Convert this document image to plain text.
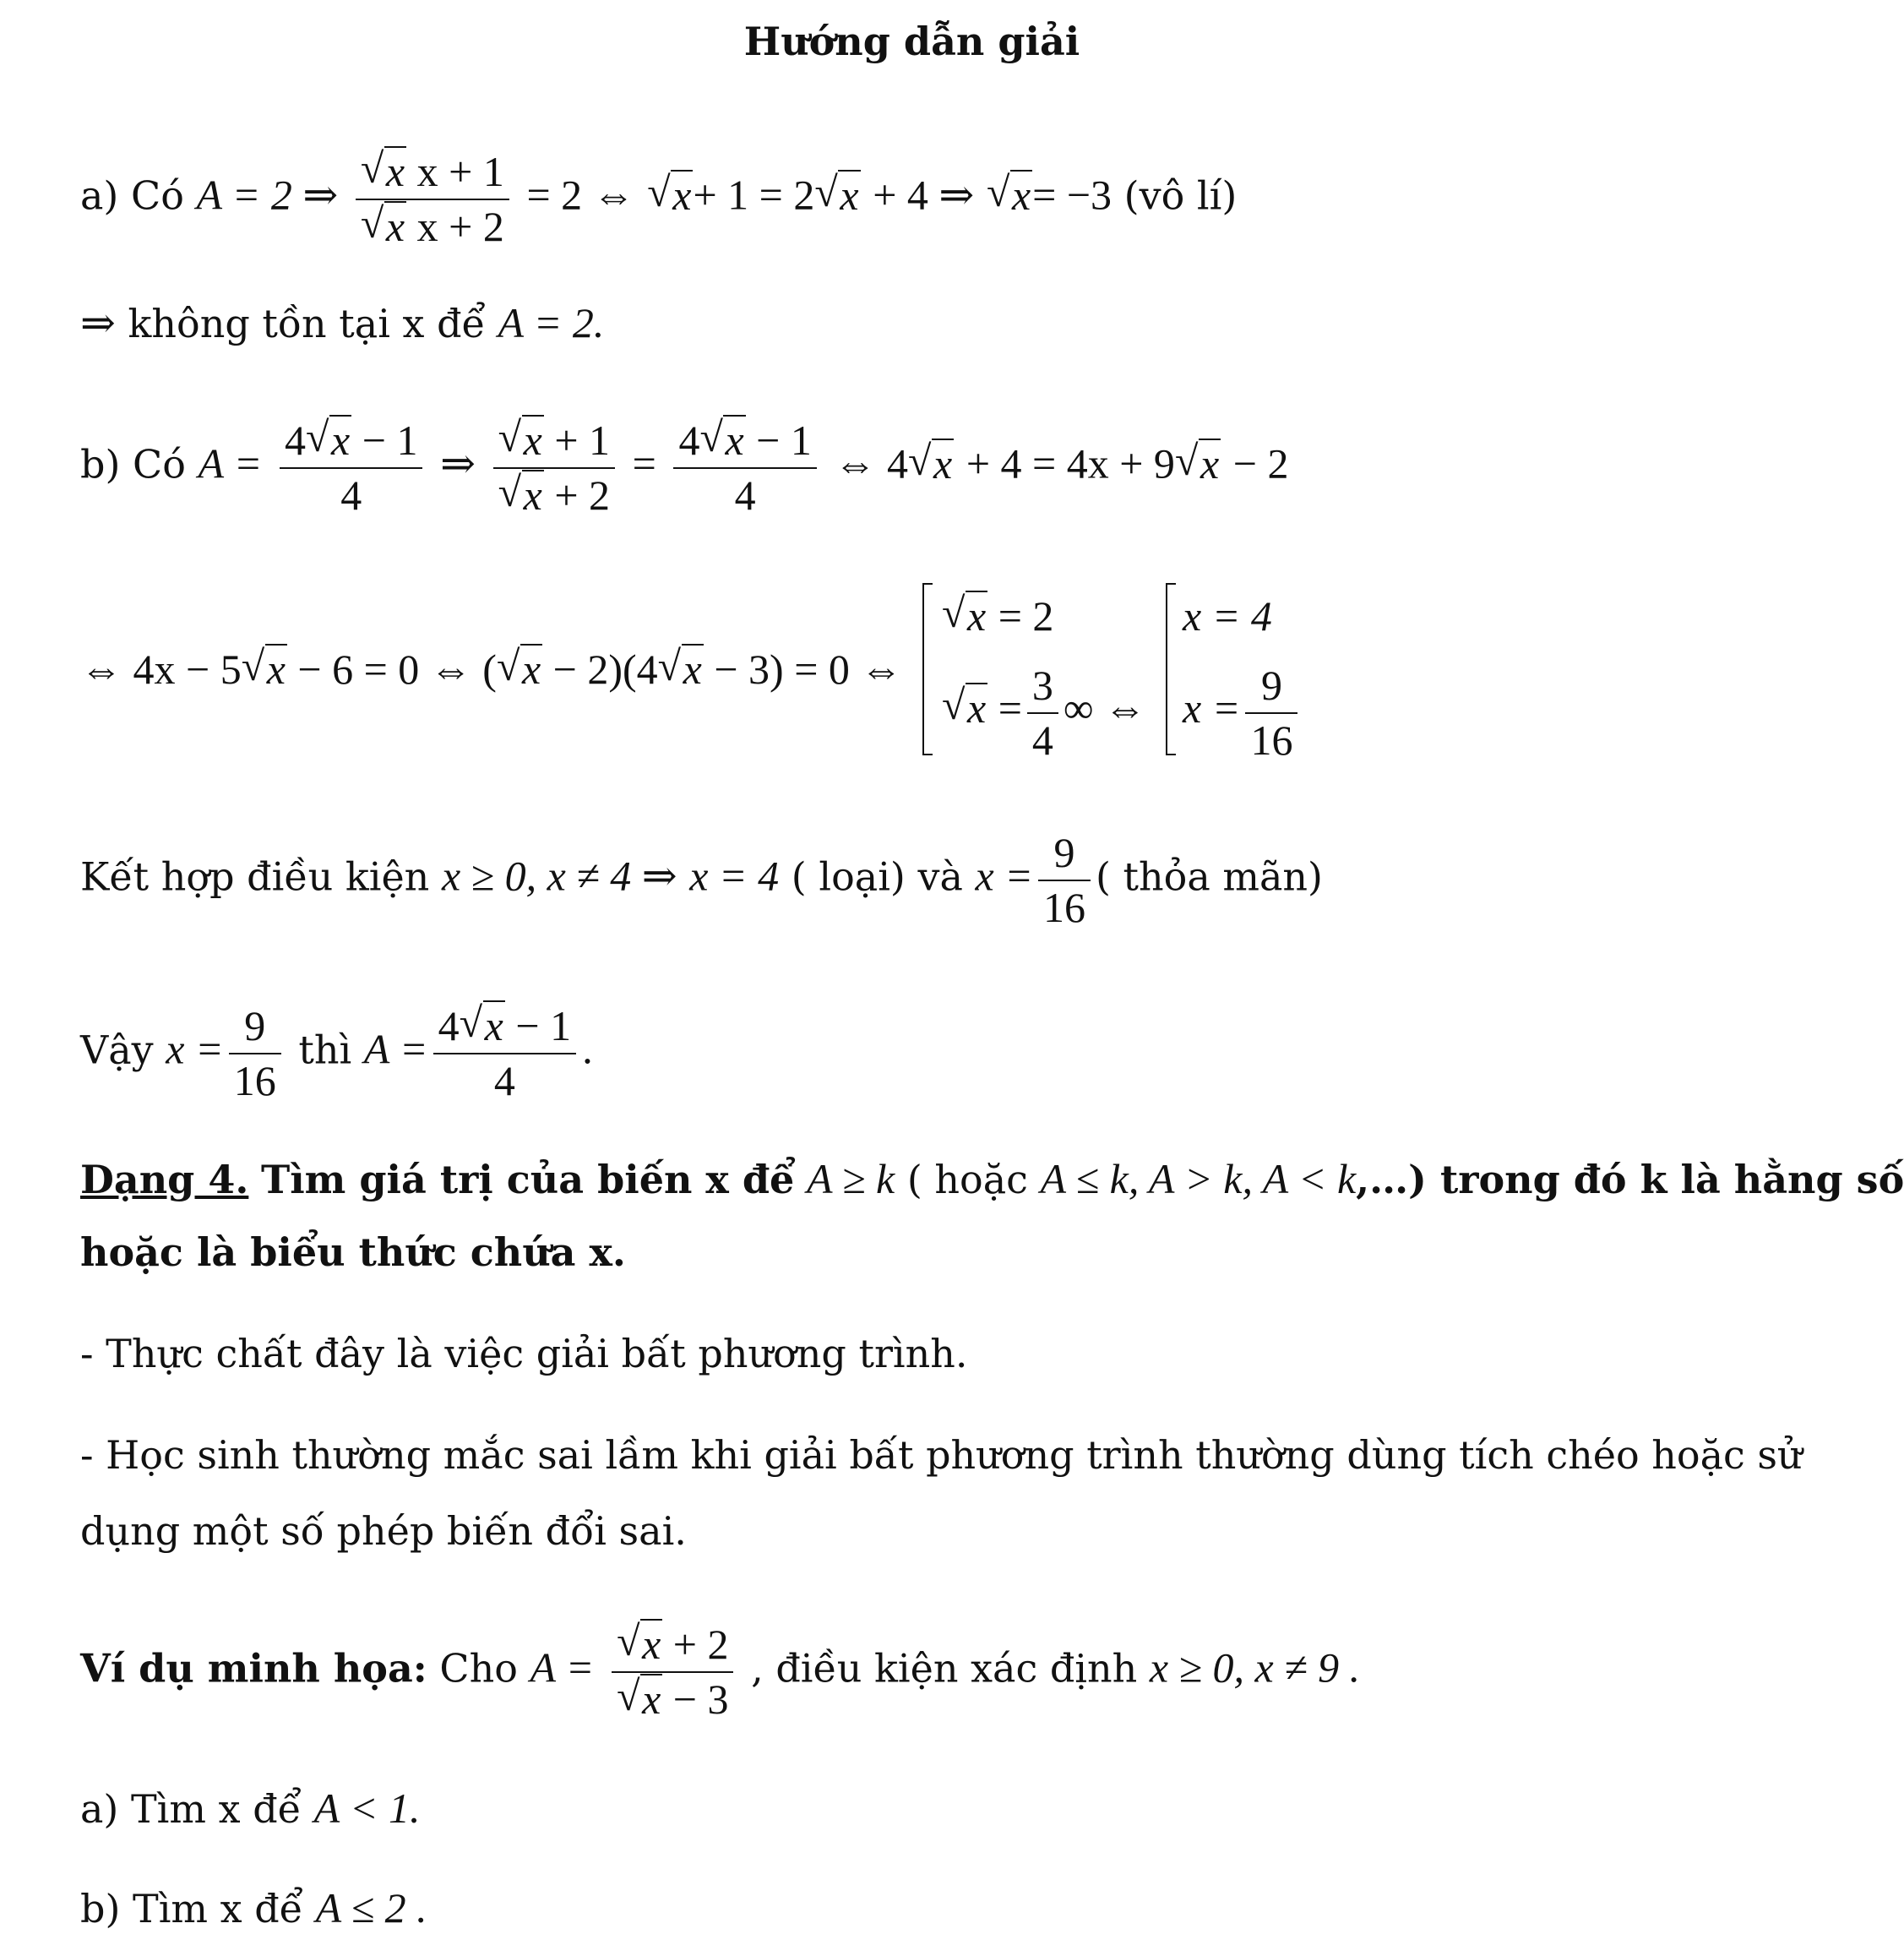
Hướng dẫn giải
a) Có A = 2 ⇒ √ x x + 1
√ x x + 2 = 2 ⇔ √ x+ 1 = 2 √ x + 4 ⇒ √ x= −3 (vô lí)
⇒ không tồn tại x để A = 2.
b) Có $A = \frac{4 √ x - 1}{4}$ ⇒ √ x + 1
√ $x + 2 = \frac{4 √ x - 1}{4}$ ⇔ 4 √ x + 4 = 4x + 9 √ x − 2
⇔ 4x − 5 √ x − 6 = 0 ⇔ ( √ x − 2)(4 √ x − 3) = 0 ⇔
√ x = 2
√ $x = \frac{3}{4}$ ∞ ⇔
x = 4
$x = \frac{9}{16}$
Kết hợp điều kiện x ≥ 0, x ≠ 4 ⇒ x = 4 ( loại) và $x = \frac{9}{16}$ ( thỏa mãn)
Vậy $x = \frac{9}{16}$ thì $A = \frac{4 √ x - 1}{4}$ .
Dạng 4. Tìm giá trị của biến x để A ≥ k ( hoặc A ≤ k, A > k, A < k,…) trong đó k là hằng số
hoặc là biểu thức chứa x.
- Thực chất đây là việc giải bất phương trình.
- Học sinh thường mắc sai lầm khi giải bất phương trình thường dùng tích chéo hoặc sử
dụng một số phép biến đổi sai.
Ví dụ minh họa: Cho A = √ x + 2
√ x − 3 , điều kiện xác định x ≥ 0, x ≠ 9 .
a) Tìm x để A < 1.
b) Tìm x để A ≤ 2 .
